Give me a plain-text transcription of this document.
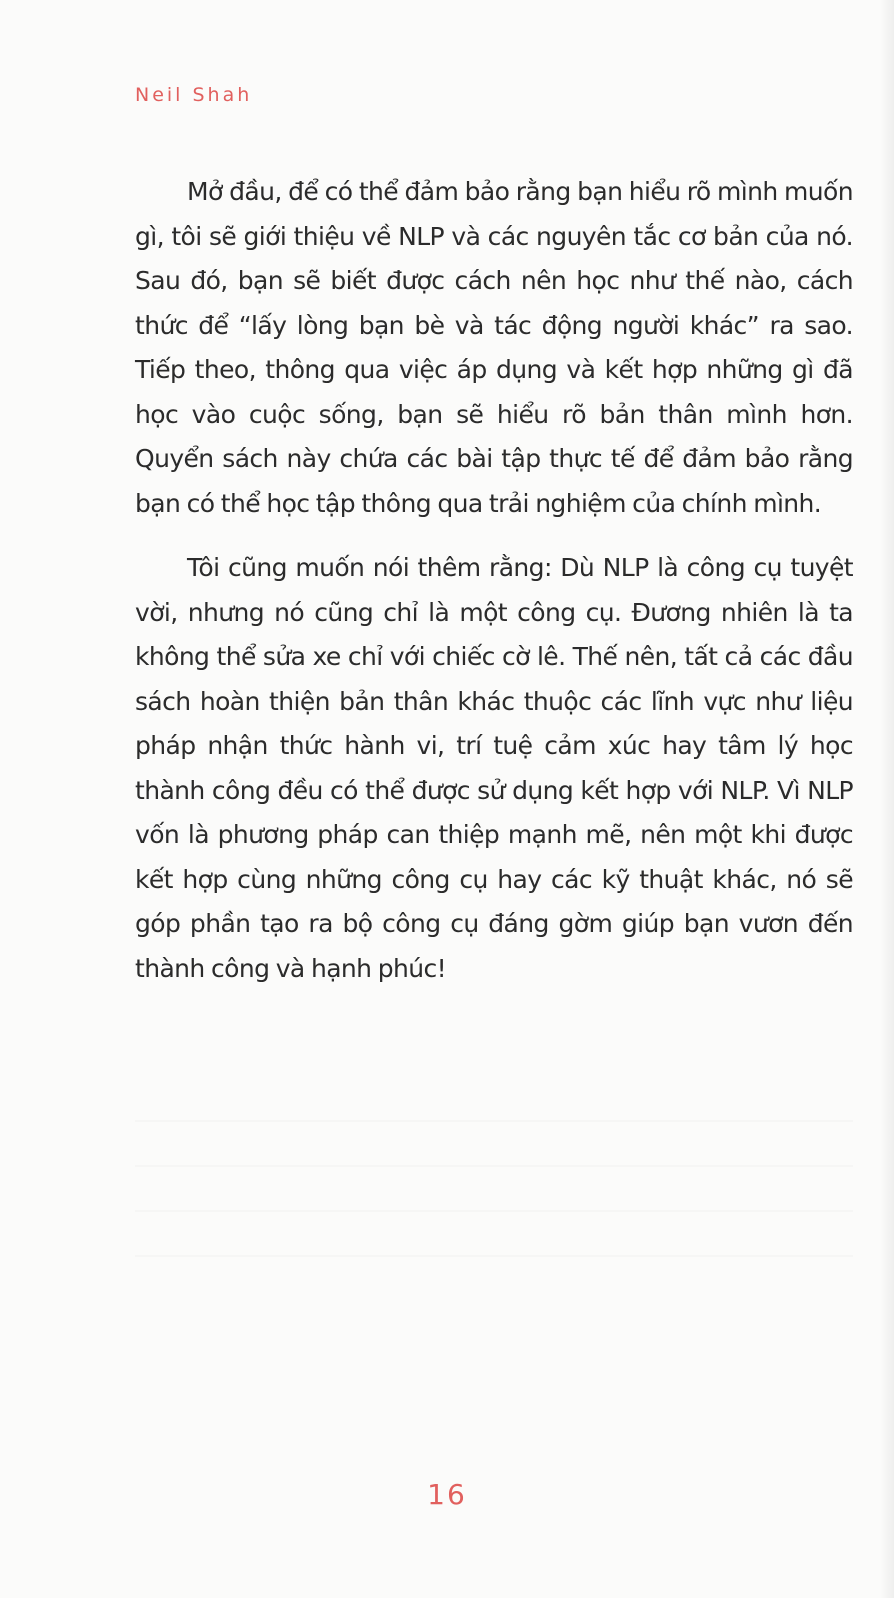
Neil Shah

Mở đầu, để có thể đảm bảo rằng bạn hiểu rõ mình muốn gì, tôi sẽ giới thiệu về NLP và các nguyên tắc cơ bản của nó. Sau đó, bạn sẽ biết được cách nên học như thế nào, cách thức để “lấy lòng bạn bè và tác động người khác” ra sao. Tiếp theo, thông qua việc áp dụng và kết hợp những gì đã học vào cuộc sống, bạn sẽ hiểu rõ bản thân mình hơn. Quyển sách này chứa các bài tập thực tế để đảm bảo rằng bạn có thể học tập thông qua trải nghiệm của chính mình.

Tôi cũng muốn nói thêm rằng: Dù NLP là công cụ tuyệt vời, nhưng nó cũng chỉ là một công cụ. Đương nhiên là ta không thể sửa xe chỉ với chiếc cờ lê. Thế nên, tất cả các đầu sách hoàn thiện bản thân khác thuộc các lĩnh vực như liệu pháp nhận thức hành vi, trí tuệ cảm xúc hay tâm lý học thành công đều có thể được sử dụng kết hợp với NLP. Vì NLP vốn là phương pháp can thiệp mạnh mẽ, nên một khi được kết hợp cùng những công cụ hay các kỹ thuật khác, nó sẽ góp phần tạo ra bộ công cụ đáng gờm giúp bạn vươn đến thành công và hạnh phúc!

16
